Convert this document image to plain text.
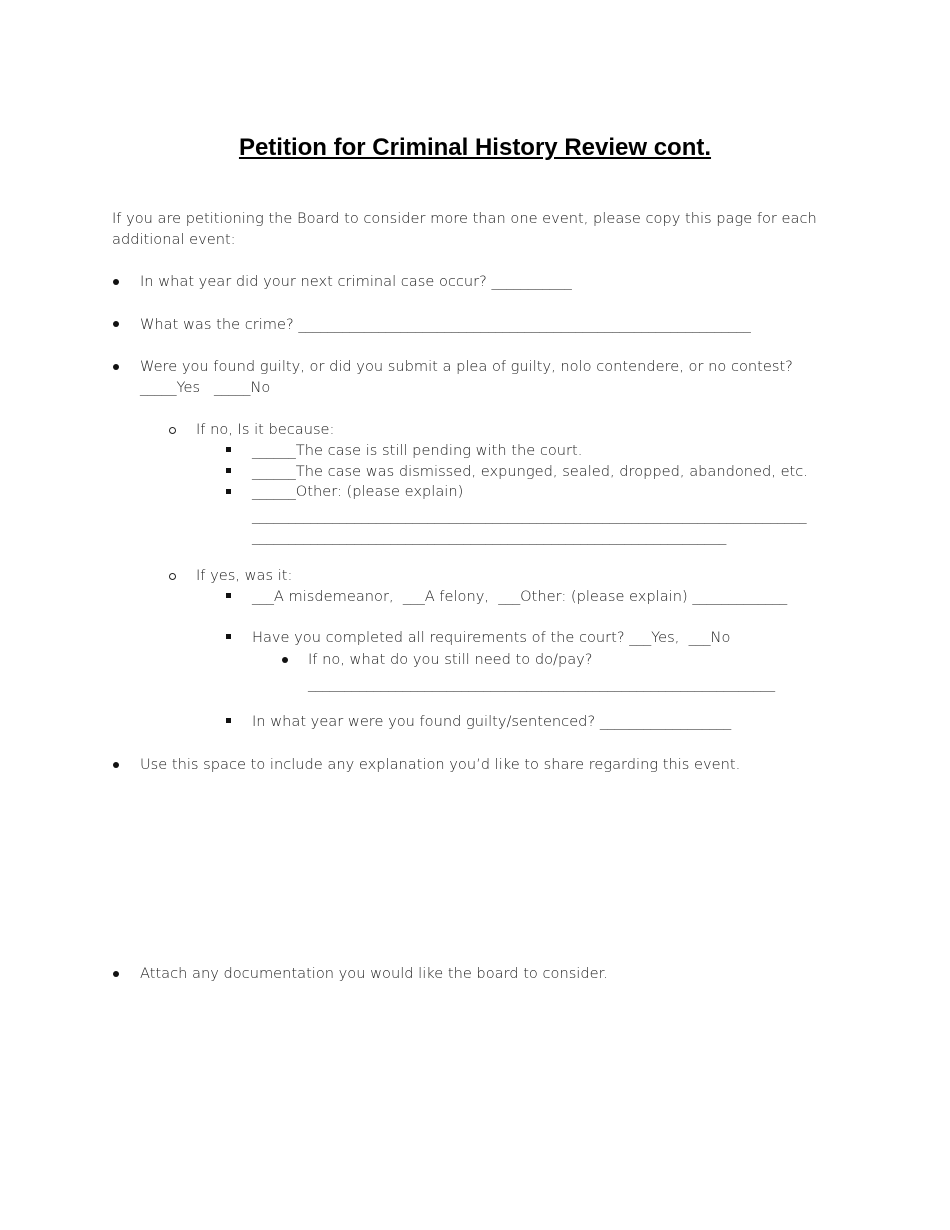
Petition for Criminal History Review cont.
If you are petitioning the Board to consider more than one event, please copy this page for each
additional event:
In what year did your next criminal case occur? ___________
What was the crime? ______________________________________________________________
Were you found guilty, or did you submit a plea of guilty, nolo contendere, or no contest?
_____Yes   _____No
If no, Is it because:
______The case is still pending with the court.
______The case was dismissed, expunged, sealed, dropped, abandoned, etc.
______Other: (please explain)
____________________________________________________________________________
_________________________________________________________________
If yes, was it:
___A misdemeanor,  ___A felony,  ___Other: (please explain) _____________
Have you completed all requirements of the court? ___Yes,  ___No
If no, what do you still need to do/pay?
________________________________________________________________
In what year were you found guilty/sentenced? __________________
Use this space to include any explanation you’d like to share regarding this event.
Attach any documentation you would like the board to consider.
